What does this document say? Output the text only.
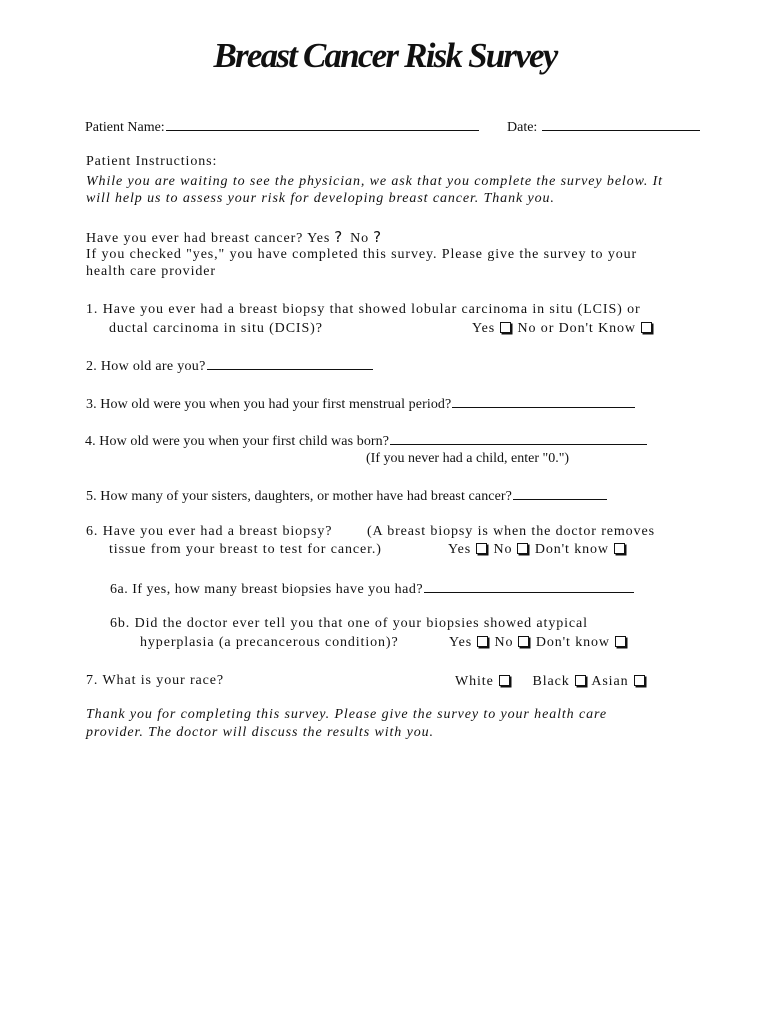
Breast Cancer Risk Survey
Patient Name:	Date:
Patient Instructions:
While you are waiting to see the physician, we ask that you complete the survey below. It
will help us to assess your risk for developing breast cancer. Thank you.
Have you ever had breast cancer? Yes ? No ?
If you checked "yes," you have completed this survey. Please give the survey to your
health care provider
1. Have you ever had a breast biopsy that showed lobular carcinoma in situ (LCIS) or
ductal carcinoma in situ (DCIS)?	Yes No or Don't Know
2. How old are you?
3. How old were you when you had your first menstrual period?
4. How old were you when your first child was born?
(If you never had a child, enter "0.")
5. How many of your sisters, daughters, or mother have had breast cancer?
6. Have you ever had a breast biopsy? (A breast biopsy is when the doctor removes
tissue from your breast to test for cancer.)	Yes No Don't know
6a. If yes, how many breast biopsies have you had?
6b. Did the doctor ever tell you that one of your biopsies showed atypical
hyperplasia (a precancerous condition)?	Yes No Don't know
7. What is your race?	White	Black Asian
Thank you for completing this survey. Please give the survey to your health care
provider. The doctor will discuss the results with you.
